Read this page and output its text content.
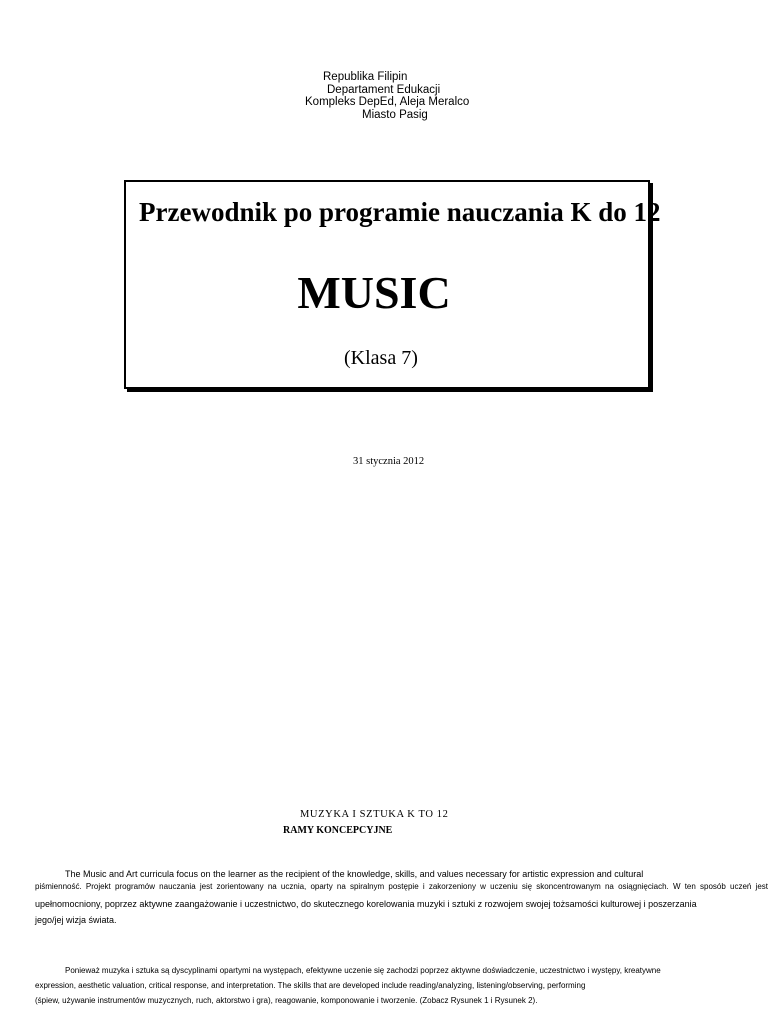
Republika Filipin
Departament Edukacji
Kompleks DepEd, Aleja Meralco
Miasto Pasig
Przewodnik po programie nauczania K do 12
MUSIC
(Klasa 7)
31 stycznia 2012
MUZYKA I SZTUKA K TO 12
RAMY KONCEPCYJNE
The Music and Art curricula focus on the learner as the recipient of the knowledge, skills, and values necessary for artistic expression and cultural
piśmienność. Projekt programów nauczania jest zorientowany na ucznia, oparty na spiralnym postępie i zakorzeniony w uczeniu się skoncentrowanym na osiągnięciach. W ten sposób uczeń jest
upełnomocniony, poprzez aktywne zaangażowanie i uczestnictwo, do skutecznego korelowania muzyki i sztuki z rozwojem swojej tożsamości kulturowej i poszerzania
jego/jej wizja świata.
Ponieważ muzyka i sztuka są dyscyplinami opartymi na występach, efektywne uczenie się zachodzi poprzez aktywne doświadczenie, uczestnictwo i występy, kreatywne
expression, aesthetic valuation, critical response, and interpretation. The skills that are developed include reading/analyzing, listening/observing, performing
(śpiew, używanie instrumentów muzycznych, ruch, aktorstwo i gra), reagowanie, komponowanie i tworzenie. (Zobacz Rysunek 1 i Rysunek 2).
